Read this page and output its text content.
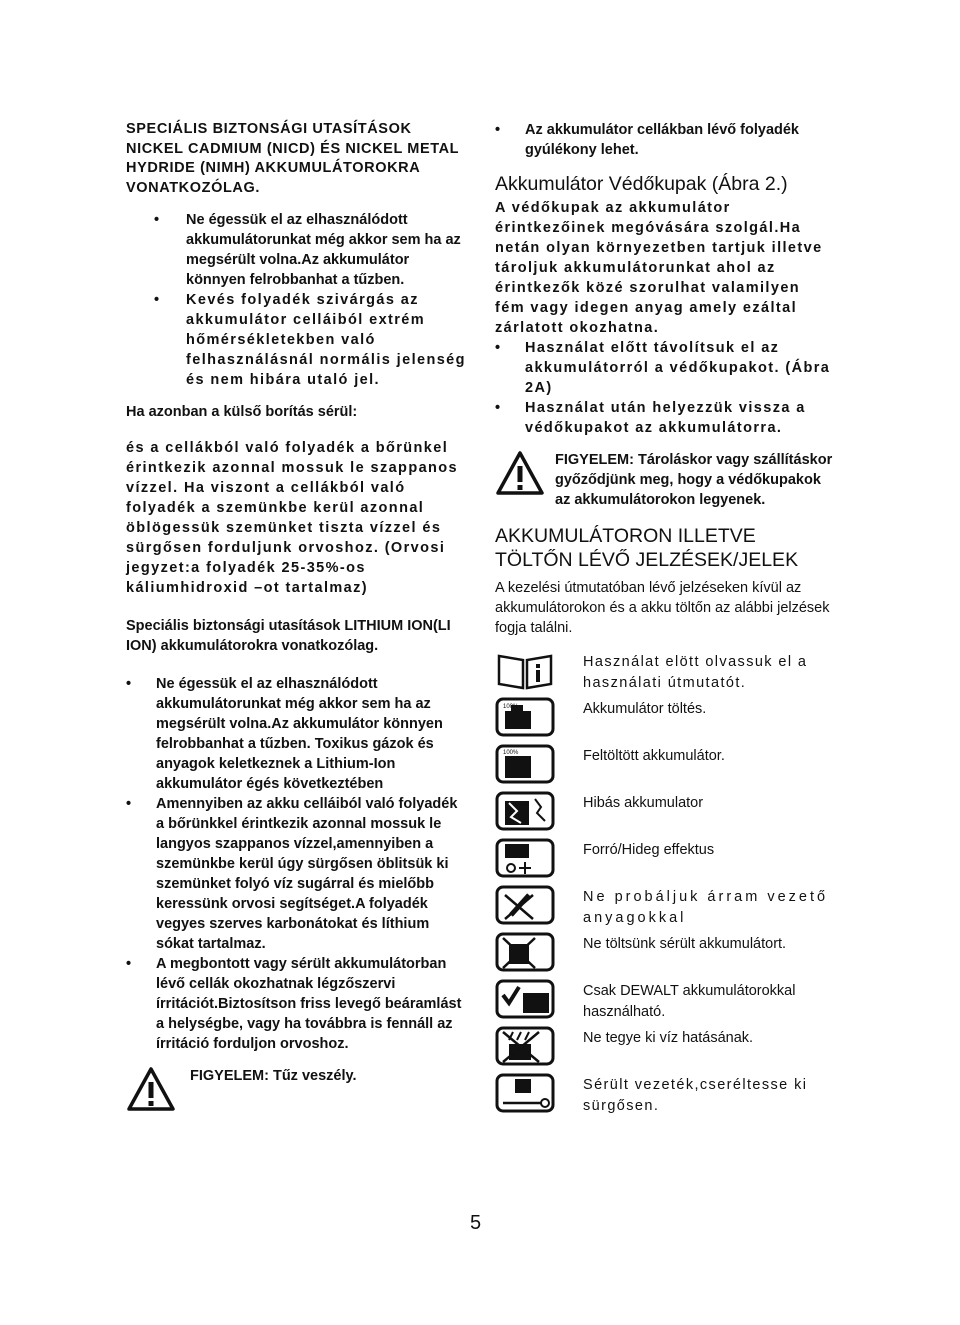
SPECIÁLIS BIZTONSÁGI UTASÍTÁSOK NICKEL CADMIUM (NICD) ÉS NICKEL METAL HYDRIDE (NIMH) AKKUMULÁTOROKRA VONATKOZÓLAG.

• Ne égessük el az elhasználódott akkumulátorunkat még akkor sem ha az megsérült volna.Az akkumulátor könnyen felrobbanhat a tűzben.
• Kevés folyadék szivárgás az akkumulátor celláiból extrém hőmérsékletekben való felhasználásnál normális jelenség és nem hibára utaló jel.

Ha azonban a külső borítás sérül:

és a cellákból való folyadék a bőrünkel érintkezik azonnal mossuk le szappanos vízzel. Ha viszont a cellákból való folyadék a szemünkbe kerül azonnal öblögessük szemünket tiszta vízzel és sürgősen forduljunk orvoshoz. (Orvosi jegyzet:a folyadék 25-35%-os káliumhidroxid –ot tartalmaz)

Speciális biztonsági utasítások LITHIUM ION(LI ION) akkumulátorokra vonatkozólag.

• Ne égessük el az elhasználódott akkumulátorunkat még akkor sem ha az megsérült volna.Az akkumulátor könnyen felrobbanhat a tűzben. Toxikus gázok és anyagok keletkeznek a Lithium-Ion akkumulátor égés következtében
• Amennyiben az akku celláiból való folyadék a bőrünkkel érintkezik azonnal mossuk le langyos szappanos vízzel,amennyiben a szemünkbe kerül úgy sürgősen öblitsük ki szemünket folyó víz sugárral és mielőbb keressünk orvosi segítséget.A folyadék vegyes szerves karbonátokat és líthium sókat tartalmaz.
• A megbontott vagy sérült akkumulátorban lévő cellák okozhatnak légzőszervi írritációt.Biztosítson friss levegő beáramlást a helységbe, vagy ha továbbra is fennáll az írritáció forduljon orvoshoz.

FIGYELEM: Tűz veszély.

• Az akkumulátor cellákban lévő folyadék gyúlékony lehet.

Akkumulátor Védőkupak (Ábra 2.)

A védőkupak az akkumulátor érintkezőinek megóvására szolgál.Ha netán olyan környezetben tartjuk illetve tároljuk akkumulátorunkat ahol az érintkezők közé szorulhat valamilyen fém vagy idegen anyag amely ezáltal zárlatott okozhatna.

• Használat előtt távolítsuk el az akkumulátorról a védőkupakot. (Ábra 2A)
• Használat után helyezzük vissza a védőkupakot az akkumulátorra.

FIGYELEM: Tároláskor vagy szállításkor győződjünk meg, hogy a védőkupakok az akkumulátorokon legyenek.

AKKUMULÁTORON ILLETVE TÖLTŐN LÉVŐ JELZÉSEK/JELEK

A kezelési útmutatóban lévő jelzéseken kívül az akkumulátorokon és a akku töltőn az alábbi jelzések fogja találni.

Használat elött olvassuk el a használati útmutatót.

100%	Akkumulátor töltés.

100%	Feltöltött akkumulátor.

Hibás akkumulator

Forró/Hideg effektus

Ne probáljuk árram vezető anyagokkal

Ne töltsünk sérült akkumulátort.

Csak DEWALT akkumulátorokkal használható.

Ne tegye ki víz hatásának.

Sérült vezeték,cseréltesse ki sürgősen.

5
